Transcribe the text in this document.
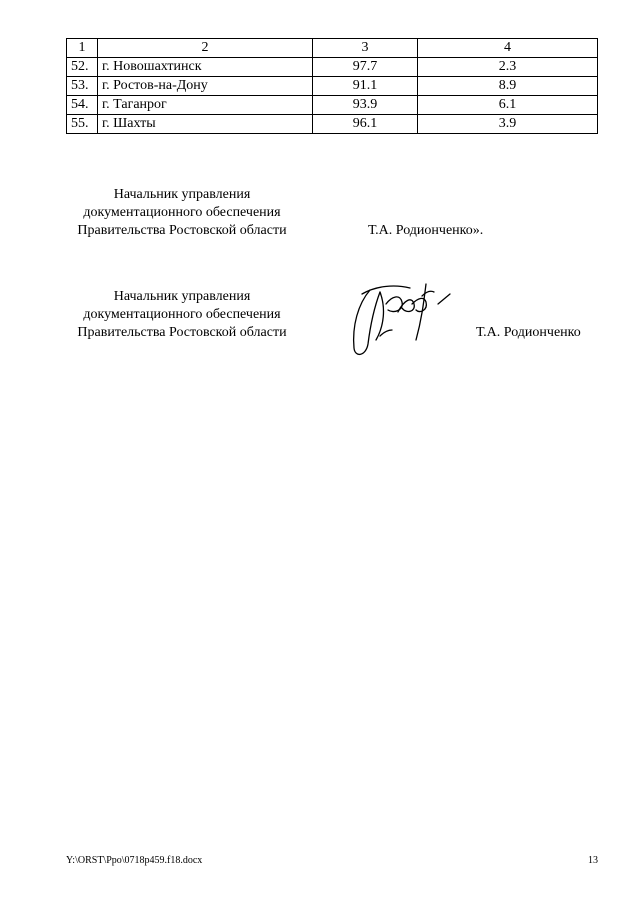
1	2	3	4
52.	г. Новошахтинск	97.7	2.3
53.	г. Ростов-на-Дону	91.1	8.9
54.	г. Таганрог	93.9	6.1
55.	г. Шахты	96.1	3.9
Начальник управления
документационного обеспечения
Правительства Ростовской области	Т.А. Родионченко».
Начальник управления
документационного обеспечения
Правительства Ростовской области	Т.А. Родионченко
Y:\ORST\Ppo\0718p459.f18.docx	13
